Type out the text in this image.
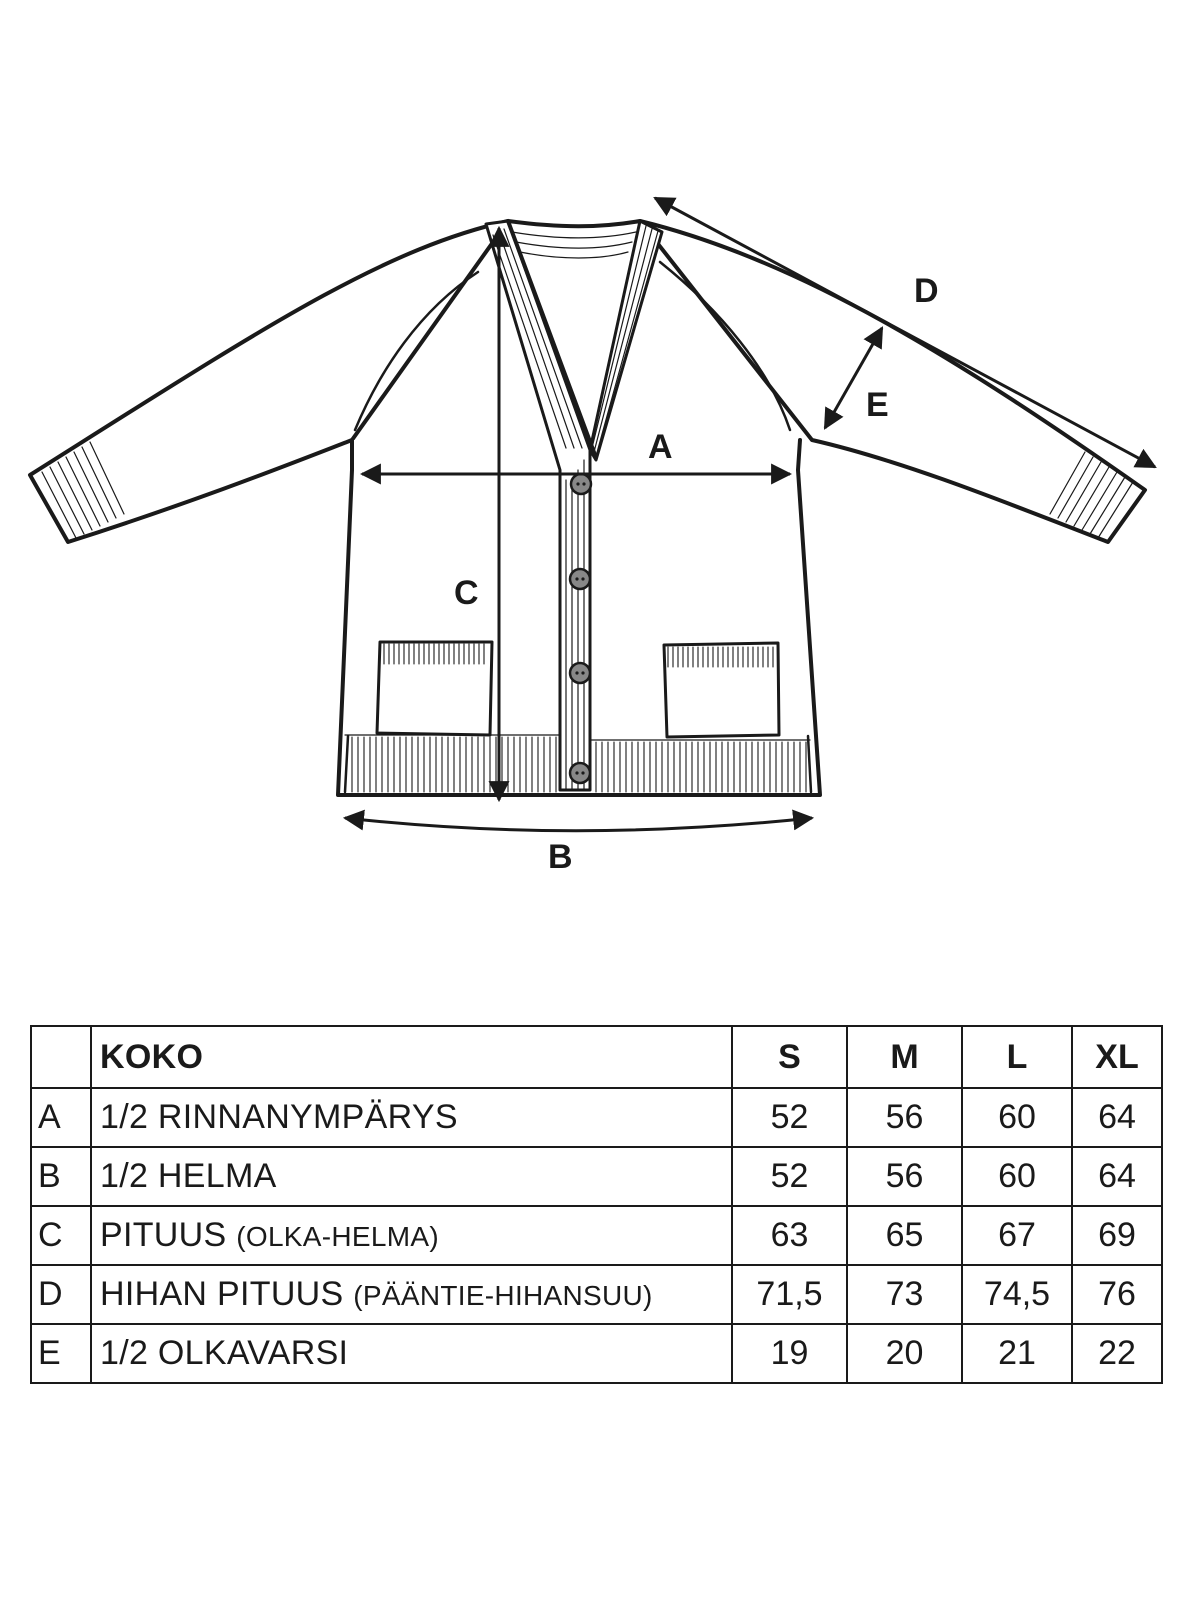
A
B
C
D
E
	KOKO	S	M	L	XL
A	1/2 RINNANYMPÄRYS	52	56	60	64
B	1/2 HELMA	52	56	60	64
C	PITUUS (OLKA-HELMA)	63	65	67	69
D	HIHAN PITUUS (PÄÄNTIE-HIHANSUU)	71,5	73	74,5	76
E	1/2 OLKAVARSI	19	20	21	22
